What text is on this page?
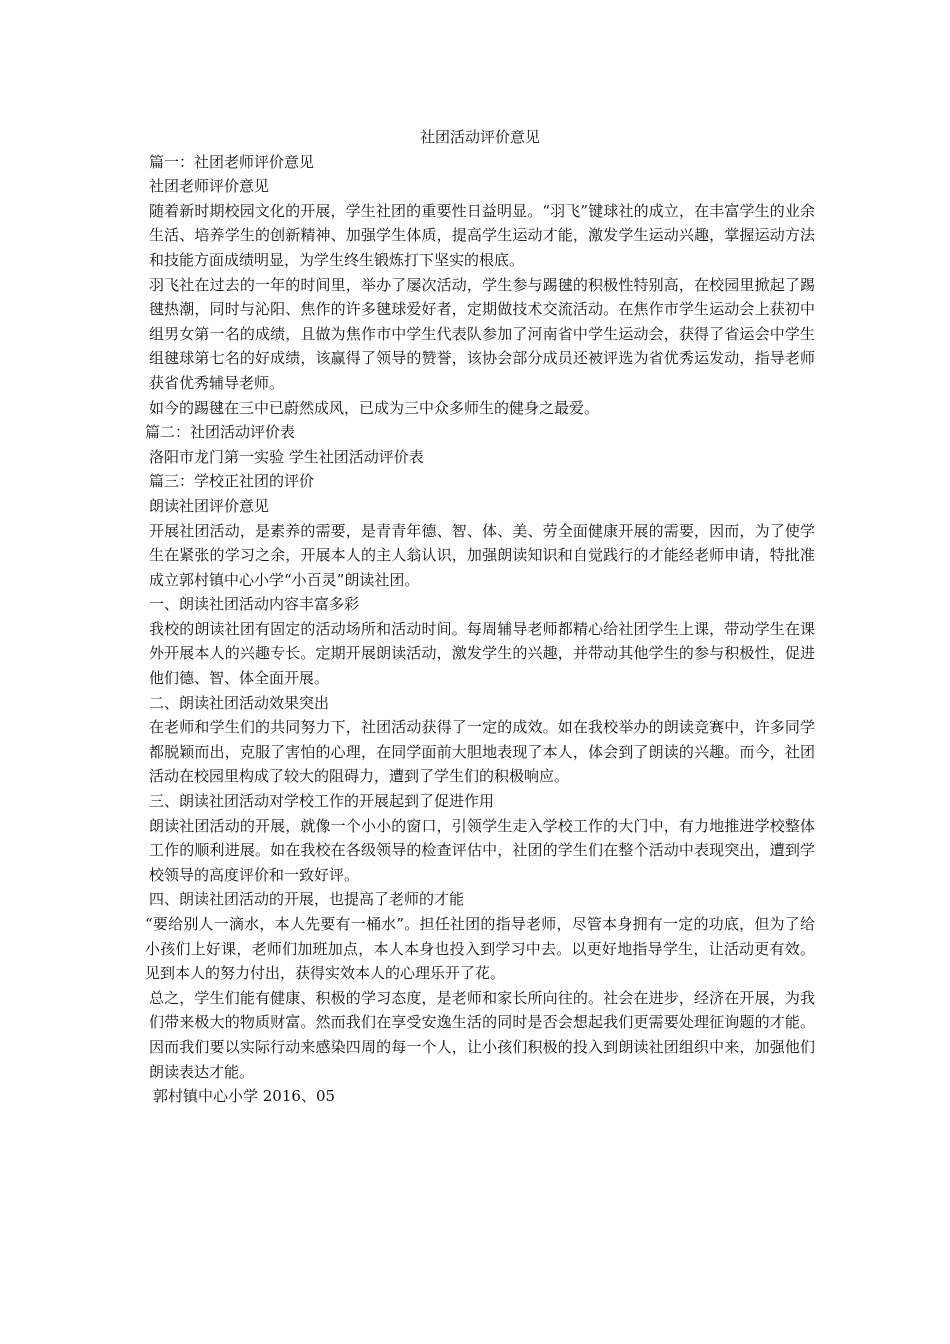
社团活动评价意见
篇一：社团老师评价意见
社团老师评价意见
随着新时期校园文化的开展，学生社团的重要性日益明显。“羽飞”键球社的成立，在丰富学生的业余生活、培养学生的创新精神、加强学生体质，提高学生运动才能，激发学生运动兴趣，掌握运动方法和技能方面成绩明显，为学生终生锻炼打下坚实的根底。
羽飞社在过去的一年的时间里，举办了屡次活动，学生参与踢毽的积极性特别高，在校园里掀起了踢毽热潮，同时与沁阳、焦作的许多毽球爱好者，定期做技术交流活动。在焦作市学生运动会上获初中组男女第一名的成绩，且做为焦作市中学生代表队参加了河南省中学生运动会，获得了省运会中学生组毽球第七名的好成绩，该赢得了领导的赞誉，该协会部分成员还被评选为省优秀运发动，指导老师获省优秀辅导老师。
如今的踢毽在三中已蔚然成风，已成为三中众多师生的健身之最爱。
篇二：社团活动评价表
洛阳市龙门第一实验 学生社团活动评价表
篇三：学校正社团的评价
朗读社团评价意见
开展社团活动，是素养的需要，是青青年德、智、体、美、劳全面健康开展的需要，因而，为了使学生在紧张的学习之余，开展本人的主人翁认识，加强朗读知识和自觉践行的才能经老师申请，特批准成立郭村镇中心小学“小百灵”朗读社团。
一、朗读社团活动内容丰富多彩
我校的朗读社团有固定的活动场所和活动时间。每周辅导老师都精心给社团学生上课，带动学生在课外开展本人的兴趣专长。定期开展朗读活动，激发学生的兴趣，并带动其他学生的参与积极性，促进他们德、智、体全面开展。
二、朗读社团活动效果突出
在老师和学生们的共同努力下，社团活动获得了一定的成效。如在我校举办的朗读竞赛中，许多同学都脱颖而出，克服了害怕的心理，在同学面前大胆地表现了本人，体会到了朗读的兴趣。而今，社团活动在校园里构成了较大的阻碍力，遭到了学生们的积极响应。
三、朗读社团活动对学校工作的开展起到了促进作用
朗读社团活动的开展，就像一个小小的窗口，引领学生走入学校工作的大门中，有力地推进学校整体工作的顺利进展。如在我校在各级领导的检查评估中，社团的学生们在整个活动中表现突出，遭到学校领导的高度评价和一致好评。
四、朗读社团活动的开展，也提高了老师的才能
“要给别人一滴水，本人先要有一桶水”。担任社团的指导老师，尽管本身拥有一定的功底，但为了给小孩们上好课，老师们加班加点，本人本身也投入到学习中去。以更好地指导学生，让活动更有效。见到本人的努力付出，获得实效本人的心理乐开了花。
总之，学生们能有健康、积极的学习态度，是老师和家长所向往的。社会在进步，经济在开展，为我们带来极大的物质财富。然而我们在享受安逸生活的同时是否会想起我们更需要处理征询题的才能。因而我们要以实际行动来感染四周的每一个人，让小孩们积极的投入到朗读社团组织中来，加强他们朗读表达才能。
郭村镇中心小学 2016、05
